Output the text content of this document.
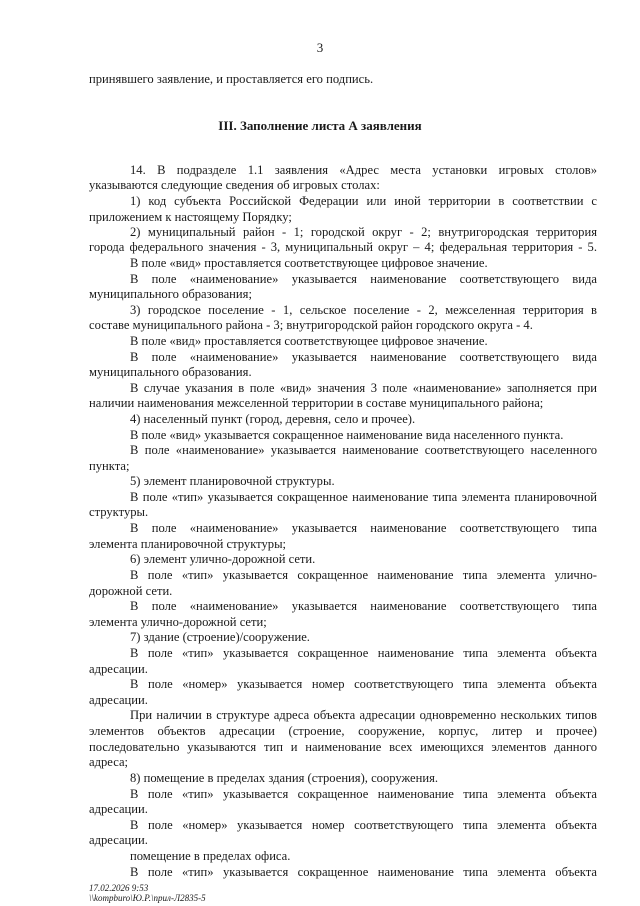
3
принявшего заявление, и проставляется его подпись.
III. Заполнение листа А заявления
14. В подразделе 1.1 заявления «Адрес места установки игровых столов»
указываются следующие сведения об игровых столах:
1) код субъекта Российской Федерации или иной территории в соответствии с
приложением к настоящему Порядку;
2) муниципальный район - 1; городской округ - 2; внутригородская территория
города федерального значения - 3, муниципальный округ – 4; федеральная территория - 5.
В поле «вид» проставляется соответствующее цифровое значение.
В поле «наименование» указывается наименование соответствующего вида
муниципального образования;
3) городское поселение - 1, сельское поселение - 2, межселенная территория в
составе муниципального района - 3; внутригородской район городского округа - 4.
В поле «вид» проставляется соответствующее цифровое значение.
В поле «наименование» указывается наименование соответствующего вида
муниципального образования.
В случае указания в поле «вид» значения 3 поле «наименование» заполняется при
наличии наименования межселенной территории в составе муниципального района;
4) населенный пункт (город, деревня, село и прочее).
В поле «вид» указывается сокращенное наименование вида населенного пункта.
В поле «наименование» указывается наименование соответствующего населенного
пункта;
5) элемент планировочной структуры.
В поле «тип» указывается сокращенное наименование типа элемента планировочной
структуры.
В поле «наименование» указывается наименование соответствующего типа
элемента планировочной структуры;
6) элемент улично-дорожной сети.
В поле «тип» указывается сокращенное наименование типа элемента улично-
дорожной сети.
В поле «наименование» указывается наименование соответствующего типа
элемента улично-дорожной сети;
7) здание (строение)/сооружение.
В поле «тип» указывается сокращенное наименование типа элемента объекта
адресации.
В поле «номер» указывается номер соответствующего типа элемента объекта
адресации.
При наличии в структуре адреса объекта адресации одновременно нескольких типов
элементов объектов адресации (строение, сооружение, корпус, литер и прочее)
последовательно указываются тип и наименование всех имеющихся элементов данного
адреса;
8) помещение в пределах здания (строения), сооружения.
В поле «тип» указывается сокращенное наименование типа элемента объекта
адресации.
В поле «номер» указывается номер соответствующего типа элемента объекта
адресации.
помещение в пределах офиса.
В поле «тип» указывается сокращенное наименование типа элемента объекта
17.02.2026 9:53
\\kompburo\Ю.Р.\прил-Л2835-5
